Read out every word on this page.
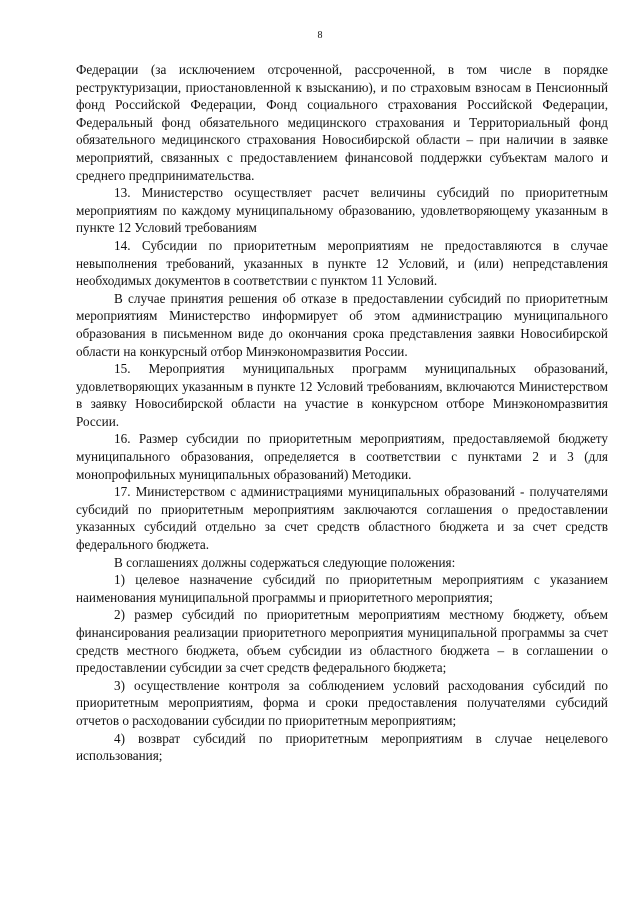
8

Федерации (за исключением отсроченной, рассроченной, в том числе в порядке реструктуризации, приостановленной к взысканию), и по страховым взносам в Пенсионный фонд Российской Федерации, Фонд социального страхования Российской Федерации, Федеральный фонд обязательного медицинского страхования и Территориальный фонд обязательного медицинского страхования Новосибирской области – при наличии в заявке мероприятий, связанных с предоставлением финансовой поддержки субъектам малого и среднего предпринимательства.

13. Министерство осуществляет расчет величины субсидий по приоритетным мероприятиям по каждому муниципальному образованию, удовлетворяющему указанным в пункте 12 Условий требованиям

14. Субсидии по приоритетным мероприятиям не предоставляются в случае невыполнения требований, указанных в пункте 12 Условий, и (или) непредставления необходимых документов в соответствии с пунктом 11 Условий.

В случае принятия решения об отказе в предоставлении субсидий по приоритетным мероприятиям Министерство информирует об этом администрацию муниципального образования в письменном виде до окончания срока представления заявки Новосибирской области на конкурсный отбор Минэкономразвития России.

15. Мероприятия муниципальных программ муниципальных образований, удовлетворяющих указанным в пункте 12 Условий требованиям, включаются Министерством в заявку Новосибирской области на участие в конкурсном отборе Минэкономразвития России.

16. Размер субсидии по приоритетным мероприятиям, предоставляемой бюджету муниципального образования, определяется в соответствии с пунктами 2 и 3 (для монопрофильных муниципальных образований) Методики.

17. Министерством с администрациями муниципальных образований - получателями субсидий по приоритетным мероприятиям заключаются соглашения о предоставлении указанных субсидий отдельно за счет средств областного бюджета и за счет средств федерального бюджета.

В соглашениях должны содержаться следующие положения:

1) целевое назначение субсидий по приоритетным мероприятиям с указанием наименования муниципальной программы и приоритетного мероприятия;

2) размер субсидий по приоритетным мероприятиям местному бюджету, объем финансирования реализации приоритетного мероприятия муниципальной программы за счет средств местного бюджета, объем субсидии из областного бюджета – в соглашении о предоставлении субсидии за счет средств федерального бюджета;

3) осуществление контроля за соблюдением условий расходования субсидий по приоритетным мероприятиям, форма и сроки предоставления получателями субсидий отчетов о расходовании субсидии по приоритетным мероприятиям;

4) возврат субсидий по приоритетным мероприятиям в случае нецелевого использования;
